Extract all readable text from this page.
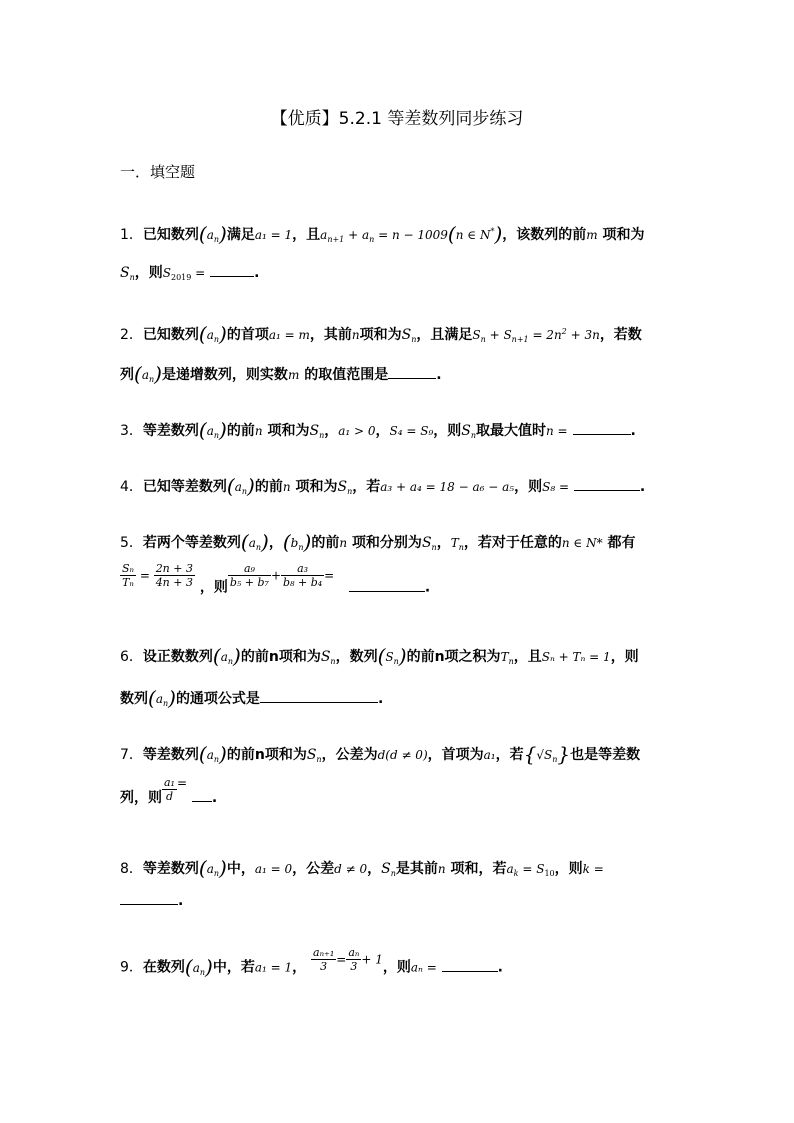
【优质】5.2.1 等差数列同步练习
一．填空题
1．已知数列$(a_n)$满足a₁ = 1，且$a_{n+1} + a_n = n - 1009(n$ ∈ N*)，该数列的前m 项和为
$S_n$，则$S_{2019}$ =	.
2．已知数列$(a_n)$的首项a₁ = m，其前n项和为$S_n$，且满足$S_n + S_{n+1} = 2n^2 + 3n$，若数
列$(a_n)$是递增数列，则实数m 的取值范围是	.
3．等差数列$(a_n)$的前n 项和为$S_n$，a₁ > 0，S₄ = S₉，则$S_n$取最大值时n =	.
4．已知等差数列$(a_n)$的前n 项和为$S_n$，若a₃ + a₄ = 18 − a₆ − a₅，则S₈ =	.
5．若两个等差数列$(a_n)$，$(b_n)$的前n 项和分别为$S_n$，$T_n$，若对于任意的n ∈ N* 都有
$\frac{\text{Sₙ}}{\text{Tₙ}} = \frac{2n + 3}{4n + 3}$ ，则 $\frac{\text{a₉}}{\text{b₅ + b₇}} + \frac{\text{a₃}}{\text{b₈ + b₄}}$ =   .
6．设正数数列$(a_n)$的前n项和为$S_n$，数列$(S_n)$的前n项之积为$T_n$，且Sₙ + Tₙ = 1，则
数列$(a_n)$的通项公式是	.
7．等差数列$(a_n)$的前n项和为$S_n$，公差为d(d ≠ 0)，首项为a₁，若$\{√S_n\}$也是等差数
列，则 $\frac{\text{a₁}}{d}$ = .
8．等差数列$(a_n)$中，a₁ = 0，公差d ≠ 0，$S_n$是其前n 项和，若$a_k = S_{10}$，则k =
.
9．在数列$(a_n)$中，若a₁ = 1， $\frac{\text{aₙ₊₁}}{3} = \frac{\text{aₙ}}{3} + 1$，则aₙ =	.
